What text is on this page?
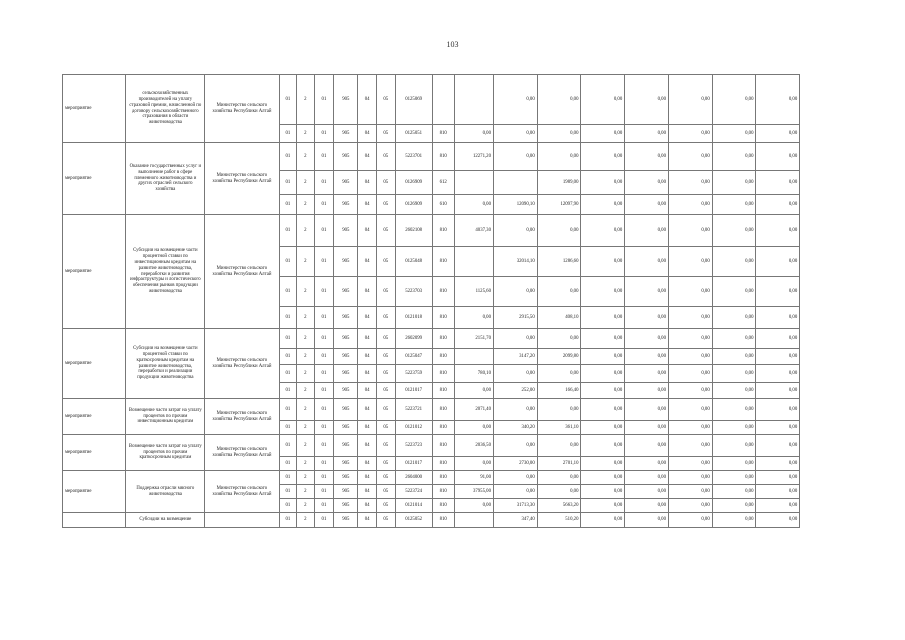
103
мероприятие	сельскохозяйственных производителей на уплату страховой премии, начисленной по договору сельскохозяйственного страхования в области животноводства	Министерство сельского хозяйства Республики Алтай	01	2	01	905	04	05	0125069			0,00	0,00	0,00	0,00	0,00	0,00	0,00
			01	2	01	905	04	05	0125051	810	0,00	0,00	0,00	0,00	0,00	0,00	0,00	0,00
мероприятие	Оказание государственных услуг и выполнение работ в сфере племенного животноводства и других отраслей сельского хозяйства	Министерство сельского хозяйства Республики Алтай	01	2	01	905	04	05	5223701	810	12271,20	0,00	0,00	0,00	0,00	0,00	0,00	0,00
			01	2	01	905	04	05	0126909	612			1989,00	0,00	0,00	0,00	0,00	0,00
			01	2	01	905	04	05	0126909	610	0,00	12090,10	12097,90	0,00	0,00	0,00	0,00	0,00
мероприятие	Субсидии на возмещение части процентной ставки по инвестиционным кредитам на развитие животноводства, переработки и развития инфраструктуры и логистического обеспечения рынков продукции животноводства	Министерство сельского хозяйства Республики Алтай	01	2	01	905	04	05	2602108	810	4037,30	0,00	0,00	0,00	0,00	0,00	0,00	0,00
			01	2	01	905	04	05	0125048	810		32014,10	1286,60	0,00	0,00	0,00	0,00	0,00
			01	2	01	905	04	05	5223703	810	1125,60	0,00	0,00	0,00	0,00	0,00	0,00	0,00
			01	2	01	905	04	05	0121018	810	0,00	2915,50	408,10	0,00	0,00	0,00	0,00	0,00
мероприятие	Субсидии на возмещение части процентной ставки по краткосрочным кредитам на развитие животноводства, переработки и реализации продукции животноводства	Министерство сельского хозяйства Республики Алтай	01	2	01	905	04	05	2602099	810	2151,70	0,00	0,00	0,00	0,00	0,00	0,00	0,00
			01	2	01	905	04	05	0125047	810		3147,20	2099,80	0,00	0,00	0,00	0,00	0,00
			01	2	01	905	04	05	5223759	810	780,10	0,00	0,00	0,00	0,00	0,00	0,00	0,00
			01	2	01	905	04	05	0121017	810	0,00	252,00	166,40	0,00	0,00	0,00	0,00	0,00
мероприятие	Возмещение части затрат на уплату процентов по прочим инвестиционным кредитам	Министерство сельского хозяйства Республики Алтай	01	2	01	905	04	05	5223721	810	2071,40	0,00	0,00	0,00	0,00	0,00	0,00	0,00
			01	2	01	905	04	05	0121012	810	0,00	340,20	361,10	0,00	0,00	0,00	0,00	0,00
мероприятие	Возмещение части затрат на уплату процентов по прочим краткосрочным кредитам	Министерство сельского хозяйства Республики Алтай	01	2	01	905	04	05	5223723	810	2036,50	0,00	0,00	0,00	0,00	0,00	0,00	0,00
			01	2	01	905	04	05	0121017	810	0,00	2730,00	2701,10	0,00	0,00	0,00	0,00	0,00
мероприятие	Поддержка отрасли мясного животноводства	Министерство сельского хозяйства Республики Алтай	01	2	01	905	04	05	2604000	810	91,00	0,00	0,00	0,00	0,00	0,00	0,00	0,00
			01	2	01	905	04	05	5223724	810	37955,00	0,00	0,00	0,00	0,00	0,00	0,00	0,00
			01	2	01	905	04	05	0121014	810	0,00	31713,30	5663,20	0,00	0,00	0,00	0,00	0,00
	Субсидии на возмещение		01	2	01	905	04	05	0125052	810		347,40	510,20	0,00	0,00	0,00	0,00	0,00
